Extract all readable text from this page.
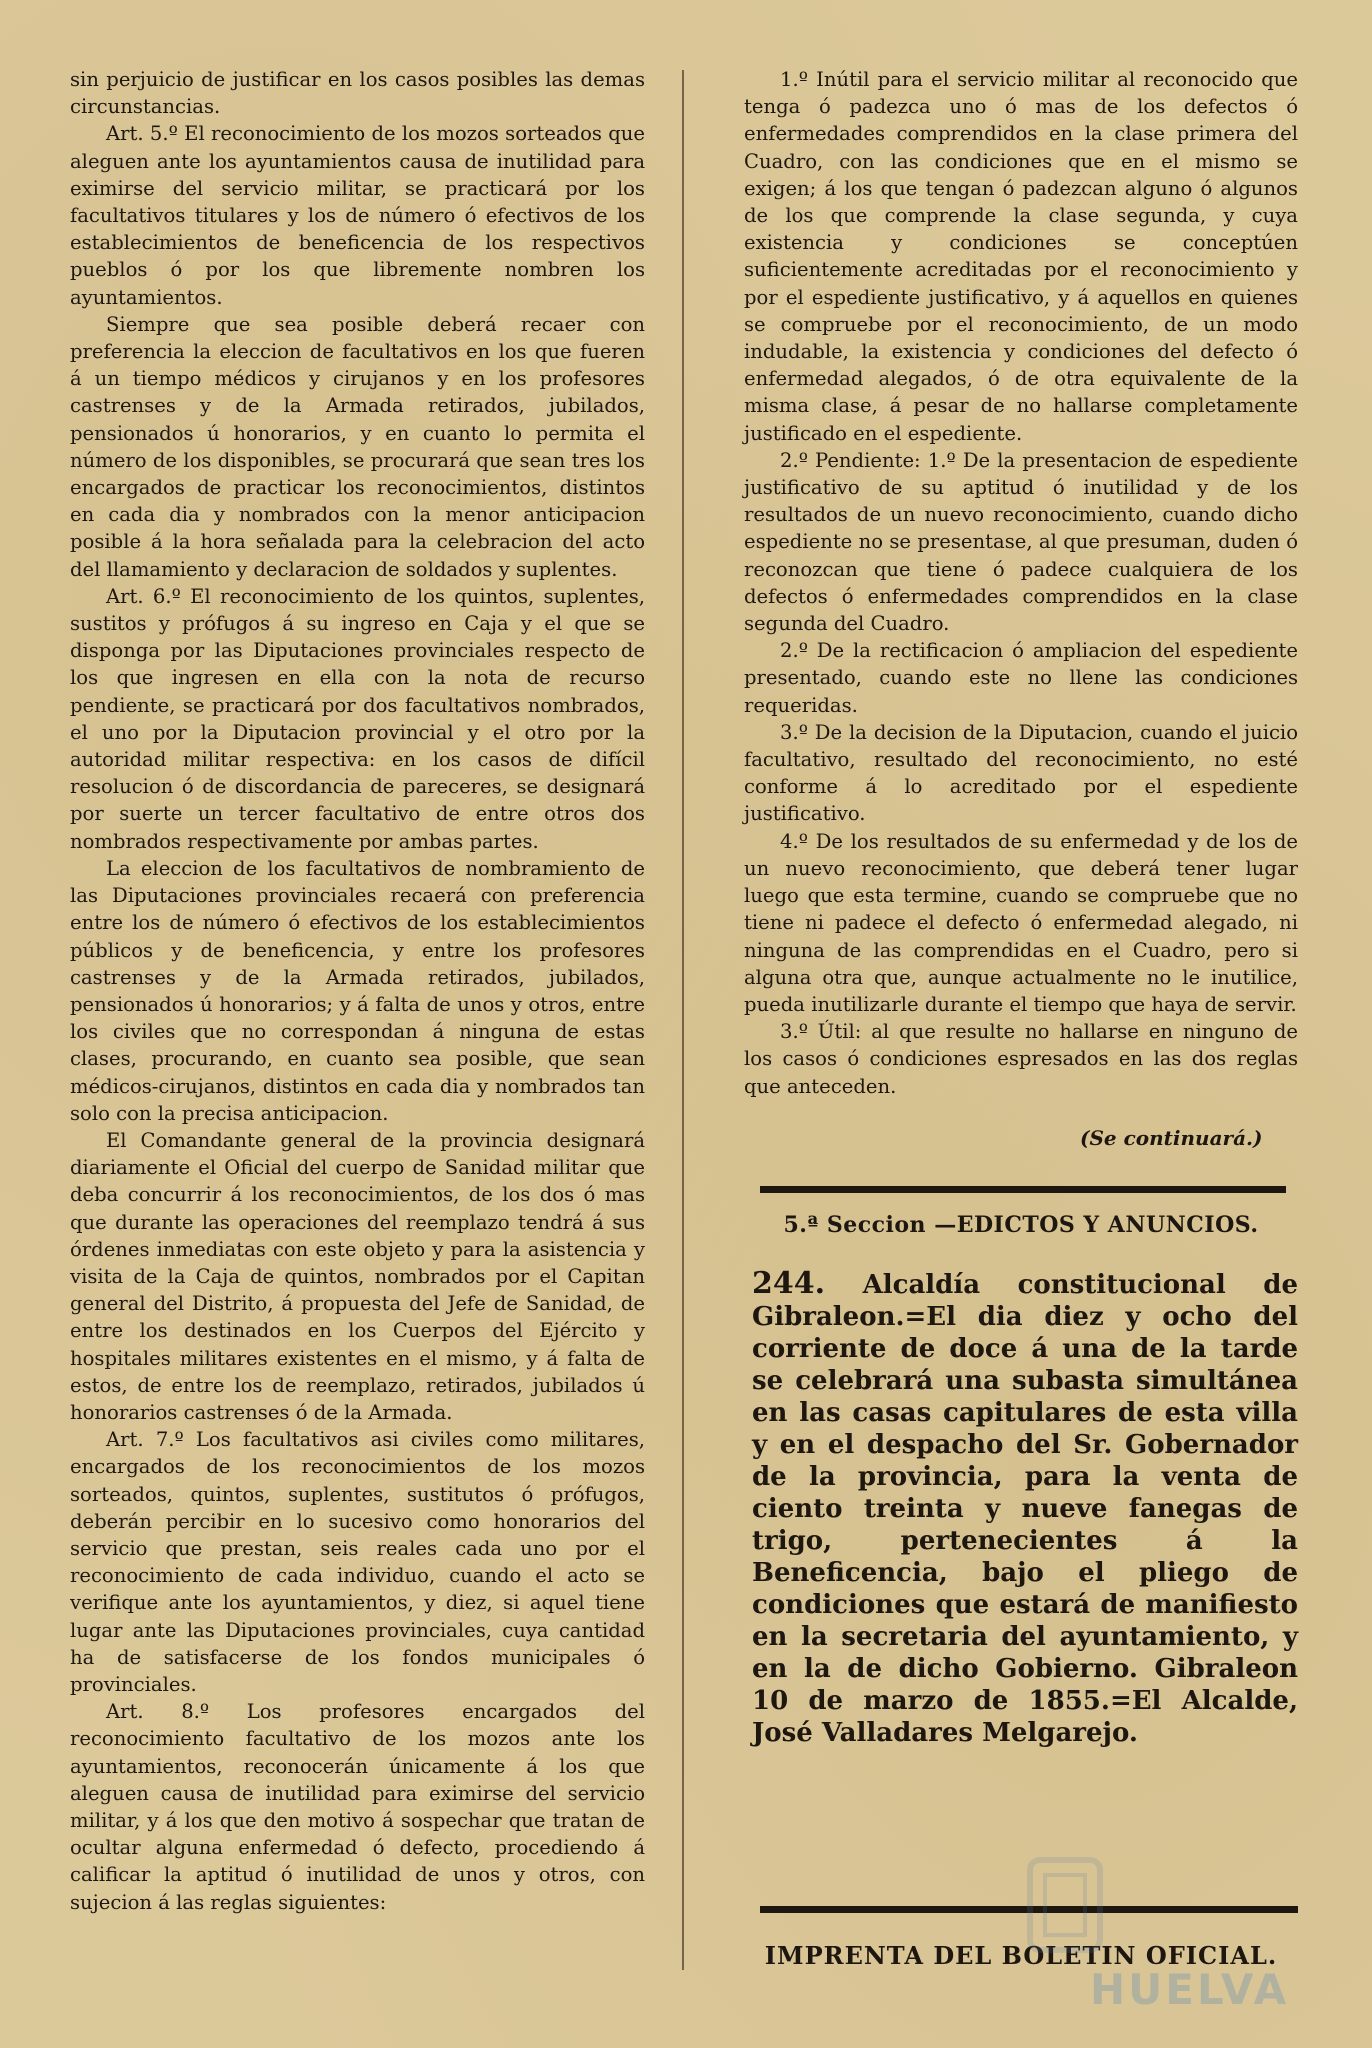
sin perjuicio de justificar en los casos posibles las demas circunstancias.

Art. 5.º El reconocimiento de los mozos sorteados que aleguen ante los ayuntamientos causa de inutilidad para eximirse del servicio militar, se practicará por los facultativos titulares y los de número ó efectivos de los establecimientos de beneficencia de los respectivos pueblos ó por los que libremente nombren los ayuntamientos.

Siempre que sea posible deberá recaer con preferencia la eleccion de facultativos en los que fueren á un tiempo médicos y cirujanos y en los profesores castrenses y de la Armada retirados, jubilados, pensionados ú honorarios, y en cuanto lo permita el número de los disponibles, se procurará que sean tres los encargados de practicar los reconocimientos, distintos en cada dia y nombrados con la menor anticipacion posible á la hora señalada para la celebracion del acto del llamamiento y declaracion de soldados y suplentes.

Art. 6.º El reconocimiento de los quintos, suplentes, sustitos y prófugos á su ingreso en Caja y el que se disponga por las Diputaciones provinciales respecto de los que ingresen en ella con la nota de recurso pendiente, se practicará por dos facultativos nombrados, el uno por la Diputacion provincial y el otro por la autoridad militar respectiva: en los casos de difícil resolucion ó de discordancia de pareceres, se designará por suerte un tercer facultativo de entre otros dos nombrados respectivamente por ambas partes.

La eleccion de los facultativos de nombramiento de las Diputaciones provinciales recaerá con preferencia entre los de número ó efectivos de los establecimientos públicos y de beneficencia, y entre los profesores castrenses y de la Armada retirados, jubilados, pensionados ú honorarios; y á falta de unos y otros, entre los civiles que no correspondan á ninguna de estas clases, procurando, en cuanto sea posible, que sean médicos-cirujanos, distintos en cada dia y nombrados tan solo con la precisa anticipacion.

El Comandante general de la provincia designará diariamente el Oficial del cuerpo de Sanidad militar que deba concurrir á los reconocimientos, de los dos ó mas que durante las operaciones del reemplazo tendrá á sus órdenes inmediatas con este objeto y para la asistencia y visita de la Caja de quintos, nombrados por el Capitan general del Distrito, á propuesta del Jefe de Sanidad, de entre los destinados en los Cuerpos del Ejército y hospitales militares existentes en el mismo, y á falta de estos, de entre los de reemplazo, retirados, jubilados ú honorarios castrenses ó de la Armada.

Art. 7.º Los facultativos asi civiles como militares, encargados de los reconocimientos de los mozos sorteados, quintos, suplentes, sustitutos ó prófugos, deberán percibir en lo sucesivo como honorarios del servicio que prestan, seis reales cada uno por el reconocimiento de cada individuo, cuando el acto se verifique ante los ayuntamientos, y diez, si aquel tiene lugar ante las Diputaciones provinciales, cuya cantidad ha de satisfacerse de los fondos municipales ó provinciales.

Art. 8.º Los profesores encargados del reconocimiento facultativo de los mozos ante los ayuntamientos, reconocerán únicamente á los que aleguen causa de inutilidad para eximirse del servicio militar, y á los que den motivo á sospechar que tratan de ocultar alguna enfermedad ó defecto, procediendo á calificar la aptitud ó inutilidad de unos y otros, con sujecion á las reglas siguientes:

1.º Inútil para el servicio militar al reconocido que tenga ó padezca uno ó mas de los defectos ó enfermedades comprendidos en la clase primera del Cuadro, con las condiciones que en el mismo se exigen; á los que tengan ó padezcan alguno ó algunos de los que comprende la clase segunda, y cuya existencia y condiciones se conceptúen suficientemente acreditadas por el reconocimiento y por el espediente justificativo, y á aquellos en quienes se compruebe por el reconocimiento, de un modo indudable, la existencia y condiciones del defecto ó enfermedad alegados, ó de otra equivalente de la misma clase, á pesar de no hallarse completamente justificado en el espediente.

2.º Pendiente: 1.º De la presentacion de espediente justificativo de su aptitud ó inutilidad y de los resultados de un nuevo reconocimiento, cuando dicho espediente no se presentase, al que presuman, duden ó reconozcan que tiene ó padece cualquiera de los defectos ó enfermedades comprendidos en la clase segunda del Cuadro.

2.º De la rectificacion ó ampliacion del espediente presentado, cuando este no llene las condiciones requeridas.

3.º De la decision de la Diputacion, cuando el juicio facultativo, resultado del reconocimiento, no esté conforme á lo acreditado por el espediente justificativo.

4.º De los resultados de su enfermedad y de los de un nuevo reconocimiento, que deberá tener lugar luego que esta termine, cuando se compruebe que no tiene ni padece el defecto ó enfermedad alegado, ni ninguna de las comprendidas en el Cuadro, pero si alguna otra que, aunque actualmente no le inutilice, pueda inutilizarle durante el tiempo que haya de servir.

3.º Útil: al que resulte no hallarse en ninguno de los casos ó condiciones espresados en las dos reglas que anteceden.

(Se continuará.)
5.ª Seccion —EDICTOS Y ANUNCIOS.
244. Alcaldía constitucional de Gibraleon.=El dia diez y ocho del corriente de doce á una de la tarde se celebrará una subasta simultánea en las casas capitulares de esta villa y en el despacho del Sr. Gobernador de la provincia, para la venta de ciento treinta y nueve fanegas de trigo, pertenecientes á la Beneficencia, bajo el pliego de condiciones que estará de manifiesto en la secretaria del ayuntamiento, y en la de dicho Gobierno. Gibraleon 10 de marzo de 1855.=El Alcalde, José Valladares Melgarejo.
IMPRENTA DEL BOLETIN OFICIAL.
HUELVA
